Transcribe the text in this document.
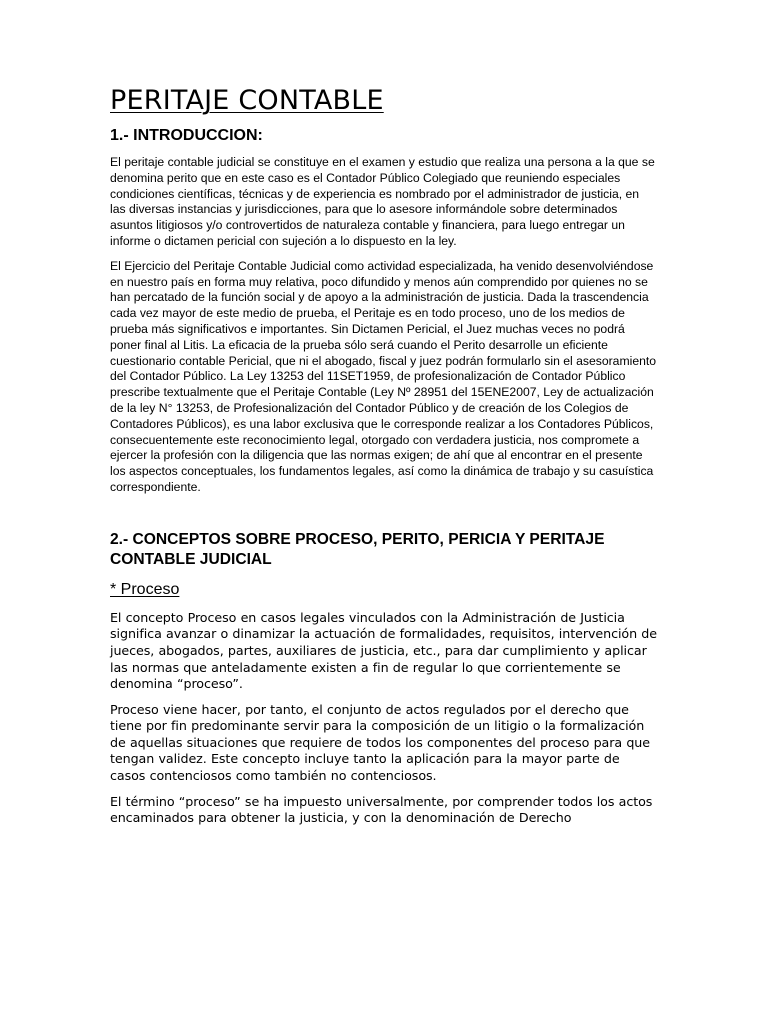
PERITAJE CONTABLE
1.- INTRODUCCION:

El peritaje contable judicial se constituye en el examen y estudio que realiza una persona a la que se denomina perito que en este caso es el Contador Público Colegiado que reuniendo especiales condiciones científicas, técnicas y de experiencia es nombrado por el administrador de justicia, en las diversas instancias y jurisdicciones, para que lo asesore informándole sobre determinados asuntos litigiosos y/o controvertidos de naturaleza contable y financiera, para luego entregar un informe o dictamen pericial con sujeción a lo dispuesto en la ley.

El Ejercicio del Peritaje Contable Judicial como actividad especializada, ha venido desenvolviéndose en nuestro país en forma muy relativa, poco difundido y menos aún comprendido por quienes no se han percatado de la función social y de apoyo a la administración de justicia. Dada la trascendencia cada vez mayor de este medio de prueba, el Peritaje es en todo proceso, uno de los medios de prueba más significativos e importantes. Sin Dictamen Pericial, el Juez muchas veces no podrá poner final al Litis. La eficacia de la prueba sólo será cuando el Perito desarrolle un eficiente cuestionario contable Pericial, que ni el abogado, fiscal y juez podrán formularlo sin el asesoramiento del Contador Público. La Ley 13253 del 11SET1959, de profesionalización de Contador Público prescribe textualmente que el Peritaje Contable (Ley Nº 28951 del 15ENE2007, Ley de actualización de la ley N° 13253, de Profesionalización del Contador Público y de creación de los Colegios de Contadores Públicos), es una labor exclusiva que le corresponde realizar a los Contadores Públicos, consecuentemente este reconocimiento legal, otorgado con verdadera justicia, nos compromete a ejercer la profesión con la diligencia que las normas exigen; de ahí que al encontrar en el presente los aspectos conceptuales, los fundamentos legales, así como la dinámica de trabajo y su casuística correspondiente.

2.- CONCEPTOS SOBRE PROCESO, PERITO, PERICIA Y PERITAJE CONTABLE JUDICIAL
* Proceso

El concepto Proceso en casos legales vinculados con la Administración de Justicia significa avanzar o dinamizar la actuación de formalidades, requisitos, intervención de jueces, abogados, partes, auxiliares de justicia, etc., para dar cumplimiento y aplicar las normas que anteladamente existen a fin de regular lo que corrientemente se denomina “proceso”.

Proceso viene hacer, por tanto, el conjunto de actos regulados por el derecho que tiene por fin predominante servir para la composición de un litigio o la formalización de aquellas situaciones que requiere de todos los componentes del proceso para que tengan validez. Este concepto incluye tanto la aplicación para la mayor parte de casos contenciosos como también no contenciosos.

El término “proceso” se ha impuesto universalmente, por comprender todos los actos encaminados para obtener la justicia, y con la denominación de Derecho
